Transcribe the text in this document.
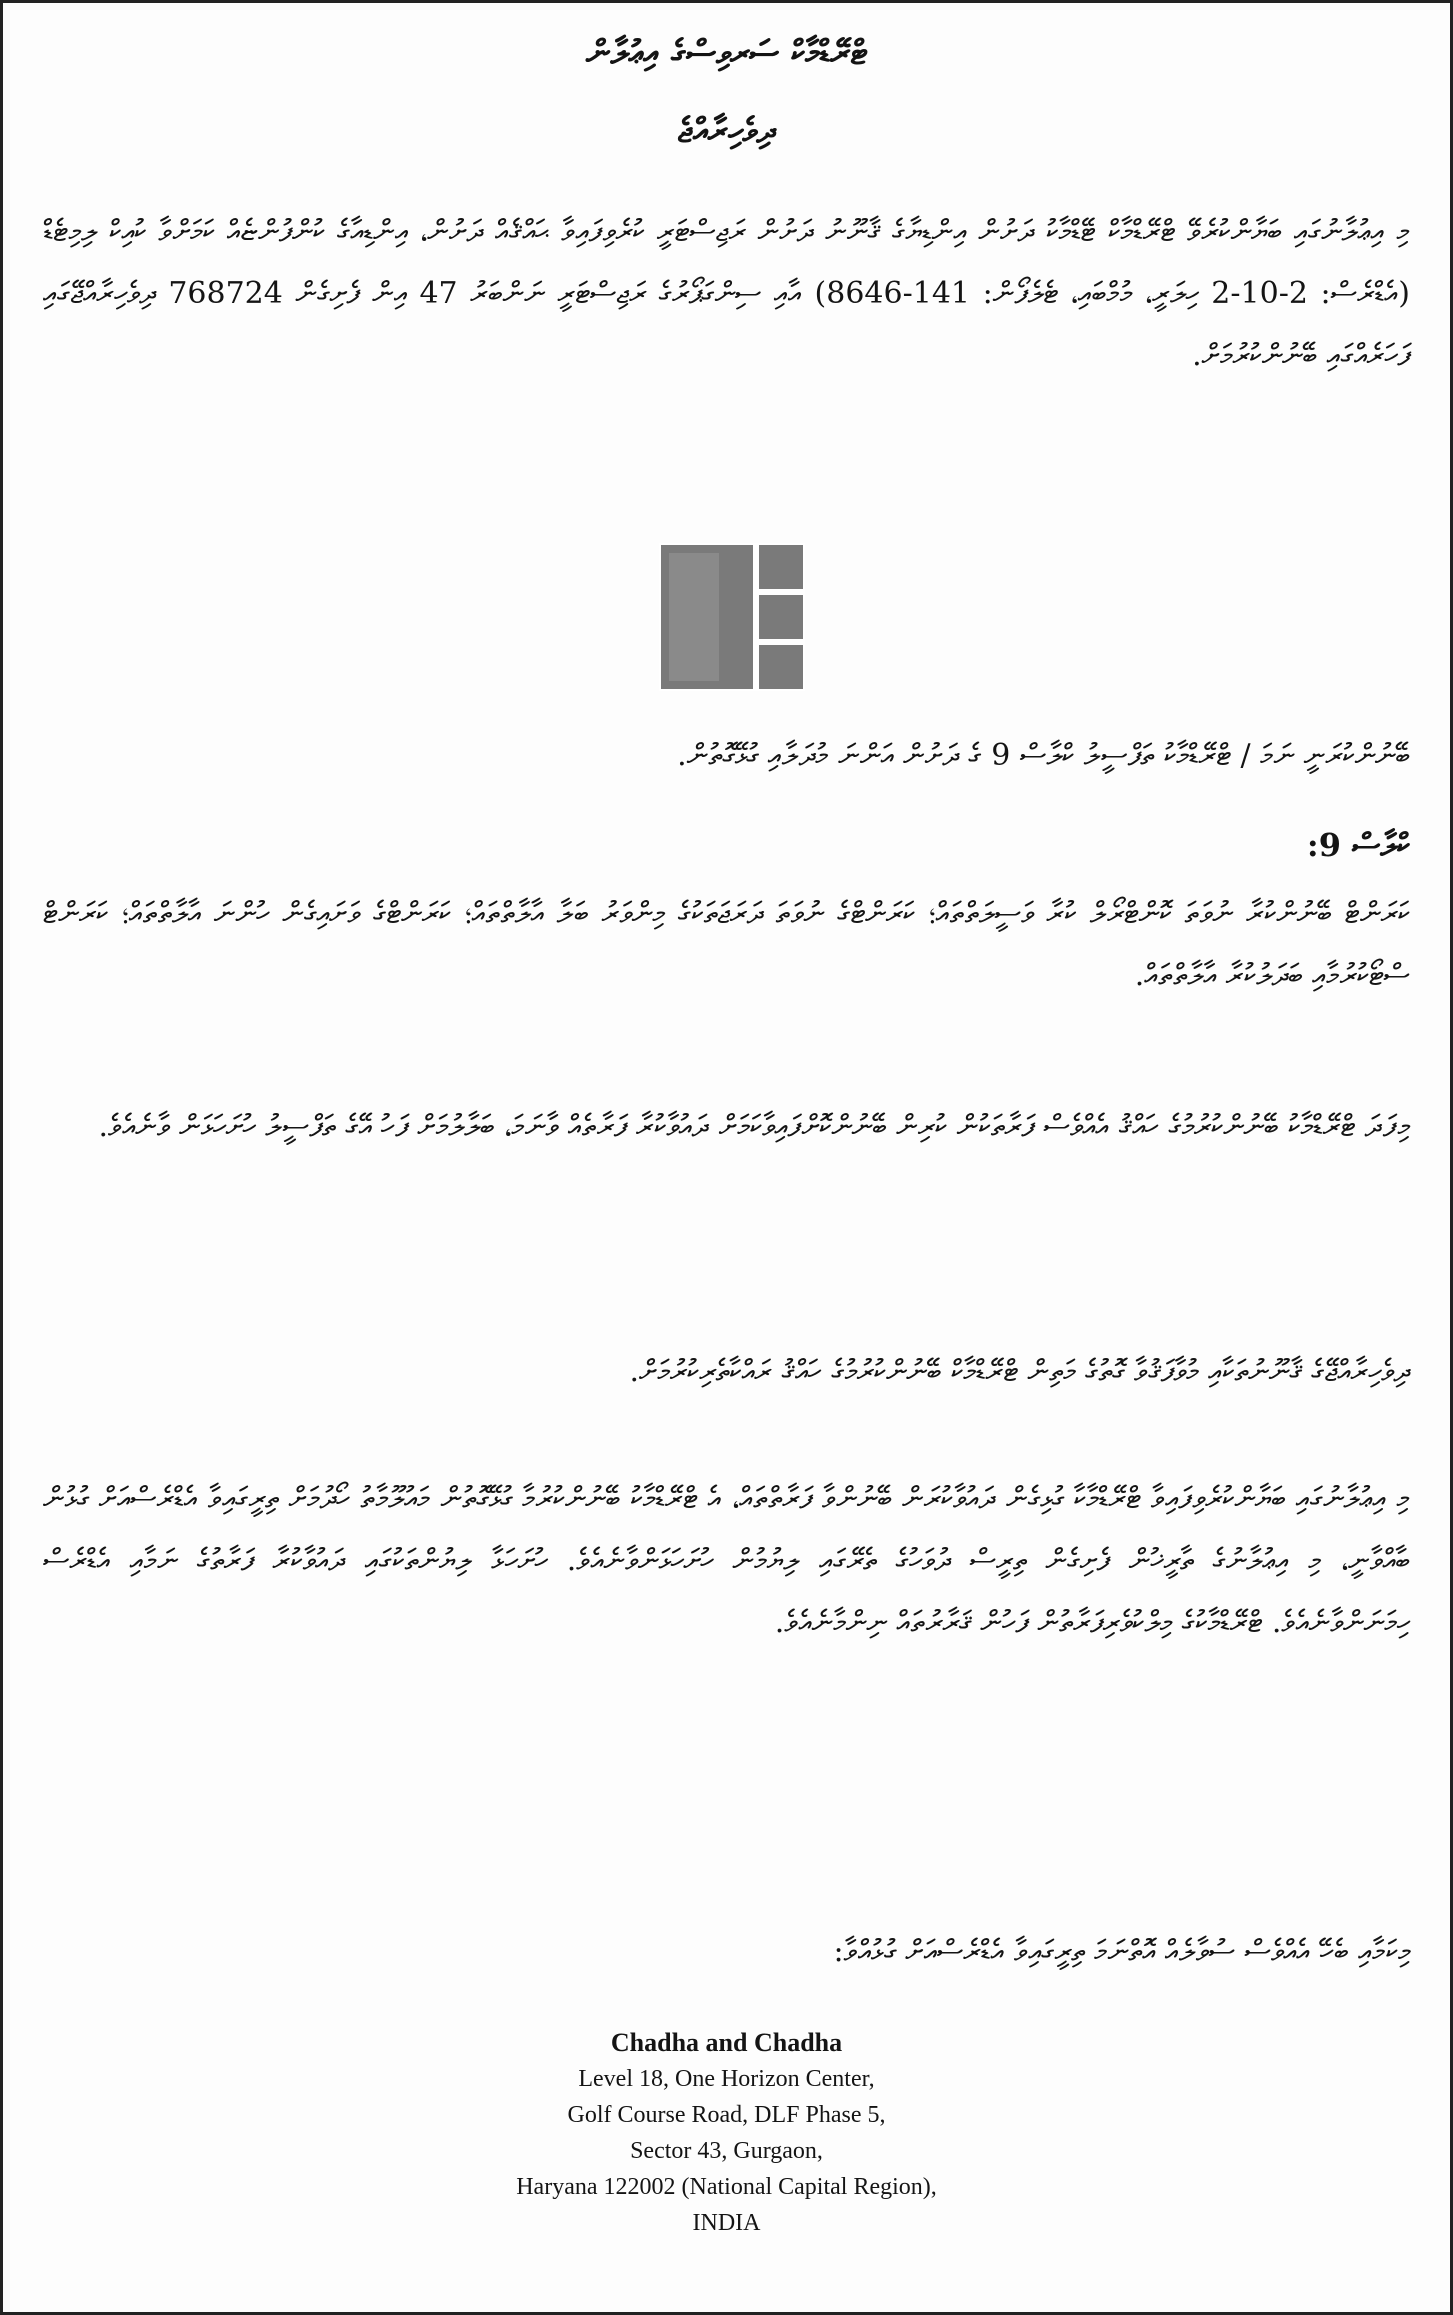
ޓްރޭޑްމާކް ސަރވިސްގެ އިޢުލާން
ދިވެހިރާއްޖެ
މި އިޢުލާނުގައި ބަޔާންކުރެވޭ ޓްރޭޑްމާކް ޓޭޑްމާކު ދަށުން އިންޑިޔާގެ ޤާނޫނު ދަށުން ރަޖިސްޓަރީ ކުރެވިފައިވާ ޙައްޤެއް ދަށުން، އިންޑިއާގެ ކުންފުންޏެއް ކަމަށްވާ ކުއިކް ލިމިޓެޑް (އެޑްރެސް: 2-10-2 ހިލަރީ، މުމްބައި، ޓެލެފޯން: 141-8646) އާއި ސިންގަޕޯރުގެ ރަޖިސްޓަރީ ނަންބަރު 47 އިން ފެށިގެން 768724 ދިވެހިރާއްޖޭގައި ފަހަރެއްގައި ބޭނުންކުރުމަށް.
ބޭނުންކުރަނީ ނަމަ / ޓްރޭޑްމާކު ތަފްސީލު ކްލާސް 9 ގެ ދަށުން އަންނަ މުދަލާއި ގުޅޭގޮތުން.
ކްލާސް 9:
ކަރަންޓް ބޭނުންކުރާ ނުވަތަ ކޮންޓްރޯލް ކުރާ ވަސީލަތްތައް؛ ކަރަންޓްގެ ނުވަތަ ދަރަޖަތަކުގެ މިންވަރު ބަލާ އާލާތްތައް؛ ކަރަންޓްގެ ވަށައިގެން ހުންނަ އާލާތްތައް؛ ކަރަންޓް ސްޓޯކުރުމާއި ބަދަލުކުރާ އާލާތްތައް.
މިފަދަ ޓްރޭޑްމާކު ބޭނުންކުރުމުގެ ހައްޤު އެއްވެސް ފަރާތަކުން ކުރިން ބޭނުންކޮށްފައިވާކަމަށް ދައުވާކުރާ ފަރާތެއް ވާނަމަ، ބަލާލުމަށް ފަހު އޭގެ ތަފްސީލު ހުށަހަޅަން ވާނެއެވެ.
ދިވެހިރާއްޖޭގެ ޤާނޫނުތަކާއި މުވާފަޤުވާ ގޮތުގެ މަތިން ޓްރޭޑްމާކް ބޭނުންކުރުމުގެ ހައްޤު ރައްކާތެރިކުރުމަށް.
މި އިޢުލާނުގައި ބަޔާންކުރެވިފައިވާ ޓްރޭޑްމާކާ ގުޅިގެން ދައުވާކުރަން ބޭނުންވާ ފަރާތްތައް، އެ ޓްރޭޑްމާކު ބޭނުންކުރުމާ ގުޅޭގޮތުން މައުލޫމާތު ހޯދުމަށް ތިރީގައިވާ އެޑްރެސްއަށް ގުޅުން ބާއްވާނީ، މި އިޢުލާނުގެ ތާރީޚުން ފެށިގެން ތިރީސް ދުވަހުގެ ތެރޭގައި ލިޔުމުން ހުށަހަޅަންވާނެއެވެ. ހުށަހަޅާ ލިޔުންތަކުގައި ދައުވާކުރާ ފަރާތުގެ ނަމާއި އެޑްރެސް ހިމަނަންވާނެއެވެ. ޓްރޭޑްމާކުގެ މިލްކުވެރިފަރާތުން ފަހުން ޤަރާރުތައް ނިންމާނެއެވެ.
މިކަމާއި ބެހޭ އެއްވެސް ސުވާލެއް އޮތްނަމަ ތިރީގައިވާ އެޑްރެސްއަށް ގުޅުއްވާ:
Chadha and Chadha
Level 18, One Horizon Center,
Golf Course Road, DLF Phase 5,
Sector 43, Gurgaon,
Haryana 122002 (National Capital Region),
INDIA
